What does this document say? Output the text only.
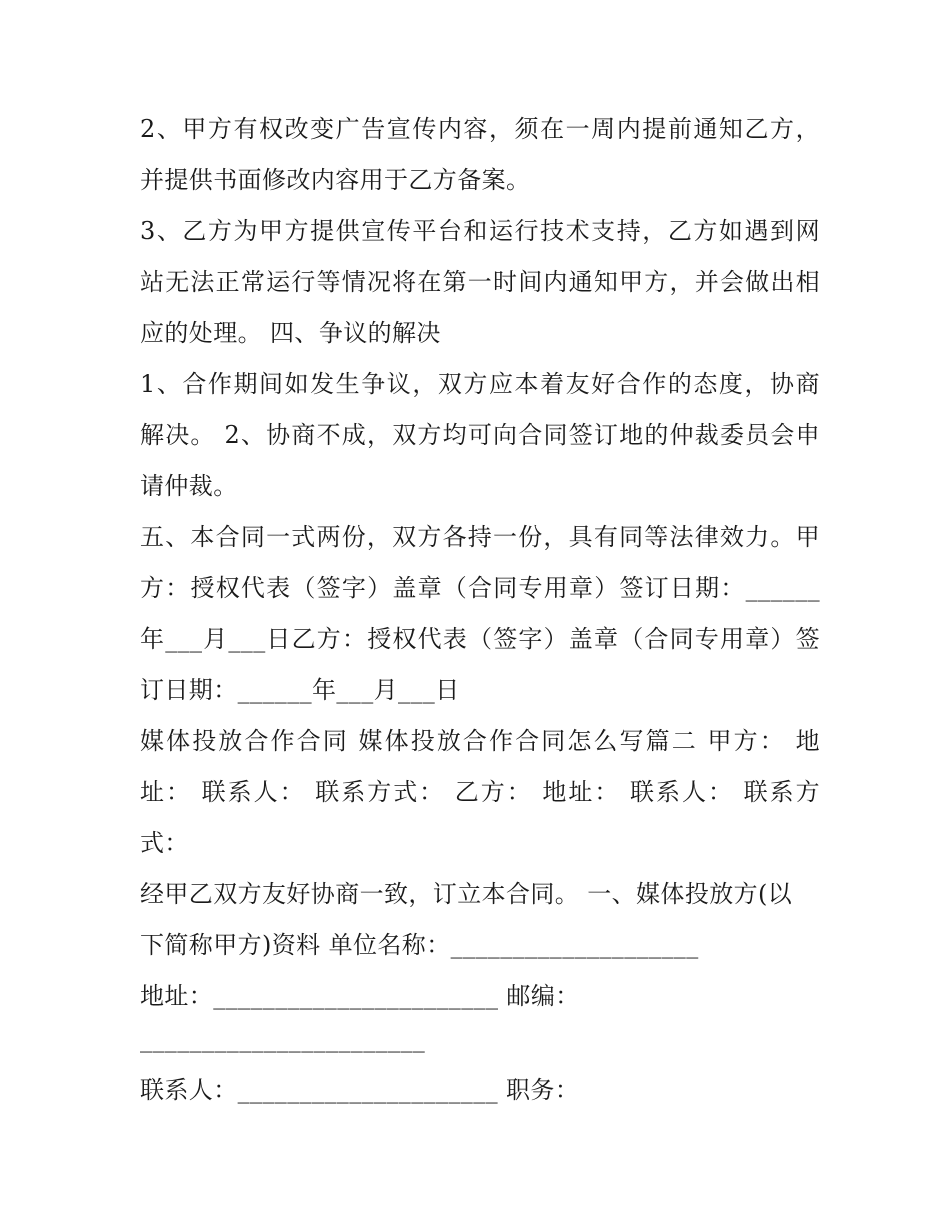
2、甲方有权改变广告宣传内容，须在一周内提前通知乙方，
并提供书面修改内容用于乙方备案。
3、乙方为甲方提供宣传平台和运行技术支持，乙方如遇到网
站无法正常运行等情况将在第一时间内通知甲方，并会做出相
应的处理。 四、争议的解决
1、合作期间如发生争议，双方应本着友好合作的态度，协商
解决。 2、协商不成，双方均可向合同签订地的仲裁委员会申
请仲裁。
五、本合同一式两份，双方各持一份，具有同等法律效力。甲
方：授权代表（签字）盖章（合同专用章）签订日期：______
年___月___日乙方：授权代表（签字）盖章（合同专用章）签
订日期：______年___月___日
媒体投放合作合同 媒体投放合作合同怎么写篇二 甲方： 地
址： 联系人： 联系方式： 乙方： 地址： 联系人： 联系方
式：
经甲乙双方友好协商一致，订立本合同。 一、媒体投放方(以
下简称甲方)资料 单位名称：____________________
地址：_______________________ 邮编：
_______________________
联系人：_____________________ 职务：
